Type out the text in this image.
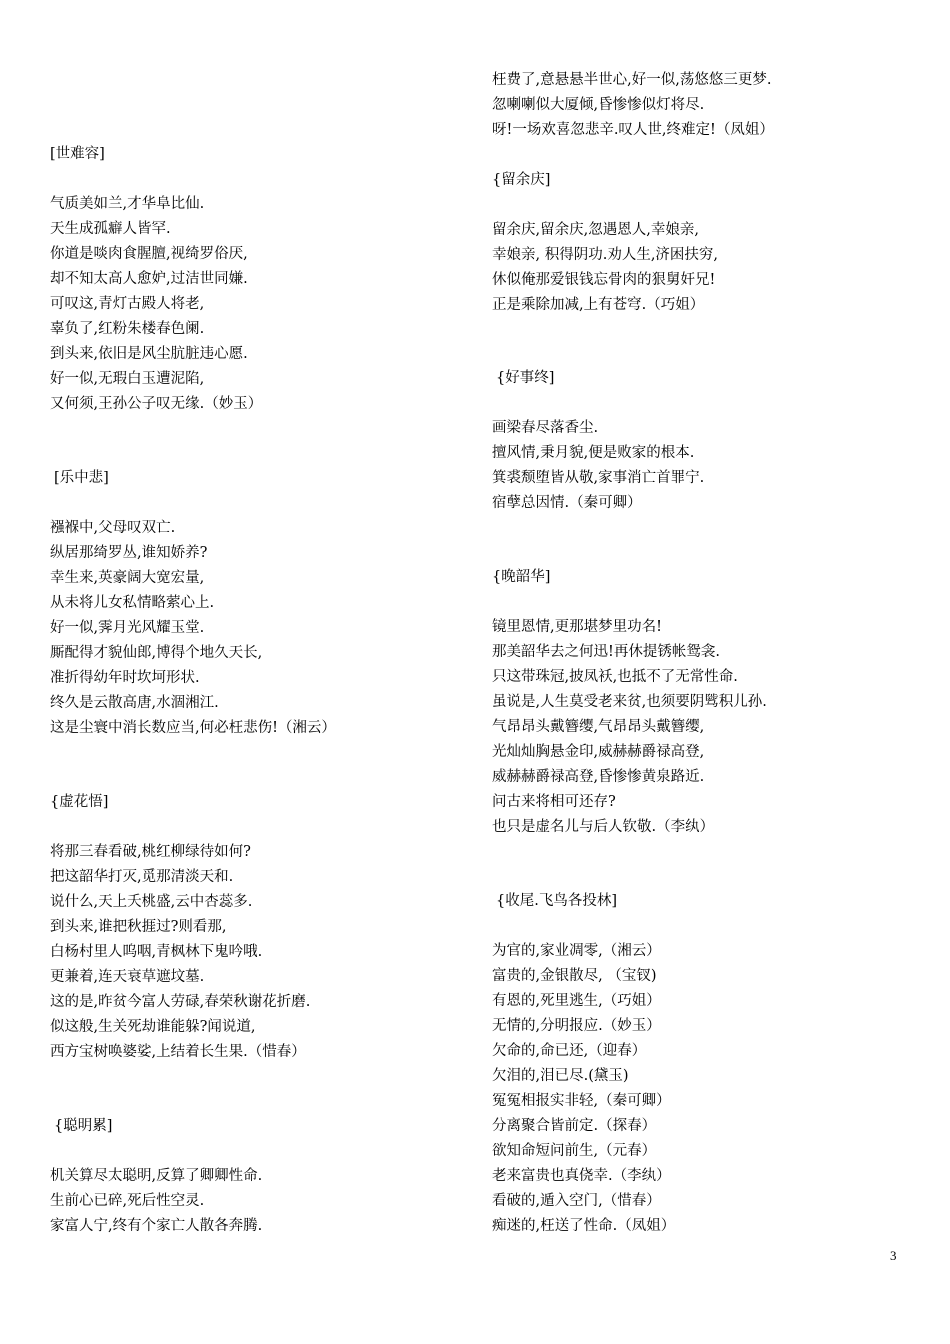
[世难容]
气质美如兰,才华阜比仙.
天生成孤癖人皆罕.
你道是啖肉食腥膻,视绮罗俗厌,
却不知太高人愈妒,过洁世同嫌.
可叹这,青灯古殿人将老,
辜负了,红粉朱楼春色阑.
到头来,依旧是风尘肮脏违心愿.
好一似,无瑕白玉遭泥陷,
又何须,王孙公子叹无缘.（妙玉）
[乐中悲]
襁褓中,父母叹双亡.
纵居那绮罗丛,谁知娇养?
幸生来,英豪阔大宽宏量,
从未将儿女私情略萦心上.
好一似,霁月光风耀玉堂.
厮配得才貌仙郎,博得个地久天长,
准折得幼年时坎坷形状.
终久是云散高唐,水涸湘江.
这是尘寰中消长数应当,何必枉悲伤!（湘云）
{虚花悟]
将那三春看破,桃红柳绿待如何?
把这韶华打灭,觅那清淡天和.
说什么,天上夭桃盛,云中杏蕊多.
到头来,谁把秋捱过?则看那,
白杨村里人呜咽,青枫林下鬼吟哦.
更兼着,连天衰草遮坟墓.
这的是,昨贫今富人劳碌,春荣秋谢花折磨.
似这般,生关死劫谁能躲?闻说道,
西方宝树唤婆娑,上结着长生果.（惜春）
{聪明累]
机关算尽太聪明,反算了卿卿性命.
生前心已碎,死后性空灵.
家富人宁,终有个家亡人散各奔腾.
枉费了,意悬悬半世心,好一似,荡悠悠三更梦.
忽喇喇似大厦倾,昏惨惨似灯将尽.
呀!一场欢喜忽悲辛.叹人世,终难定!（凤姐）
{留余庆]
留余庆,留余庆,忽遇恩人,幸娘亲,
幸娘亲, 积得阴功.劝人生,济困扶穷,
休似俺那爱银钱忘骨肉的狠舅奸兄!
正是乘除加减,上有苍穹.（巧姐）
{好事终]
画梁春尽落香尘.
擅风情,秉月貌,便是败家的根本.
箕裘颓堕皆从敬,家事消亡首罪宁.
宿孽总因情.（秦可卿）
{晚韶华]
镜里恩情,更那堪梦里功名!
那美韶华去之何迅!再休提锈帐鸳衾.
只这带珠冠,披凤袄,也抵不了无常性命.
虽说是,人生莫受老来贫,也须要阴骘积儿孙.
气昂昂头戴簪缨,气昂昂头戴簪缨,
光灿灿胸悬金印,威赫赫爵禄高登,
威赫赫爵禄高登,昏惨惨黄泉路近.
问古来将相可还存?
也只是虚名儿与后人钦敬.（李纨）
{收尾.飞鸟各投林]
为官的,家业凋零,（湘云）
富贵的,金银散尽, （宝钗)
有恩的,死里逃生,（巧姐）
无情的,分明报应.（妙玉）
欠命的,命已还,（迎春）
欠泪的,泪已尽.(黛玉)
冤冤相报实非轻,（秦可卿）
分离聚合皆前定.（探春）
欲知命短问前生,（元春）
老来富贵也真侥幸.（李纨）
看破的,遁入空门,（惜春）
痴迷的,枉送了性命.（凤姐）
3
